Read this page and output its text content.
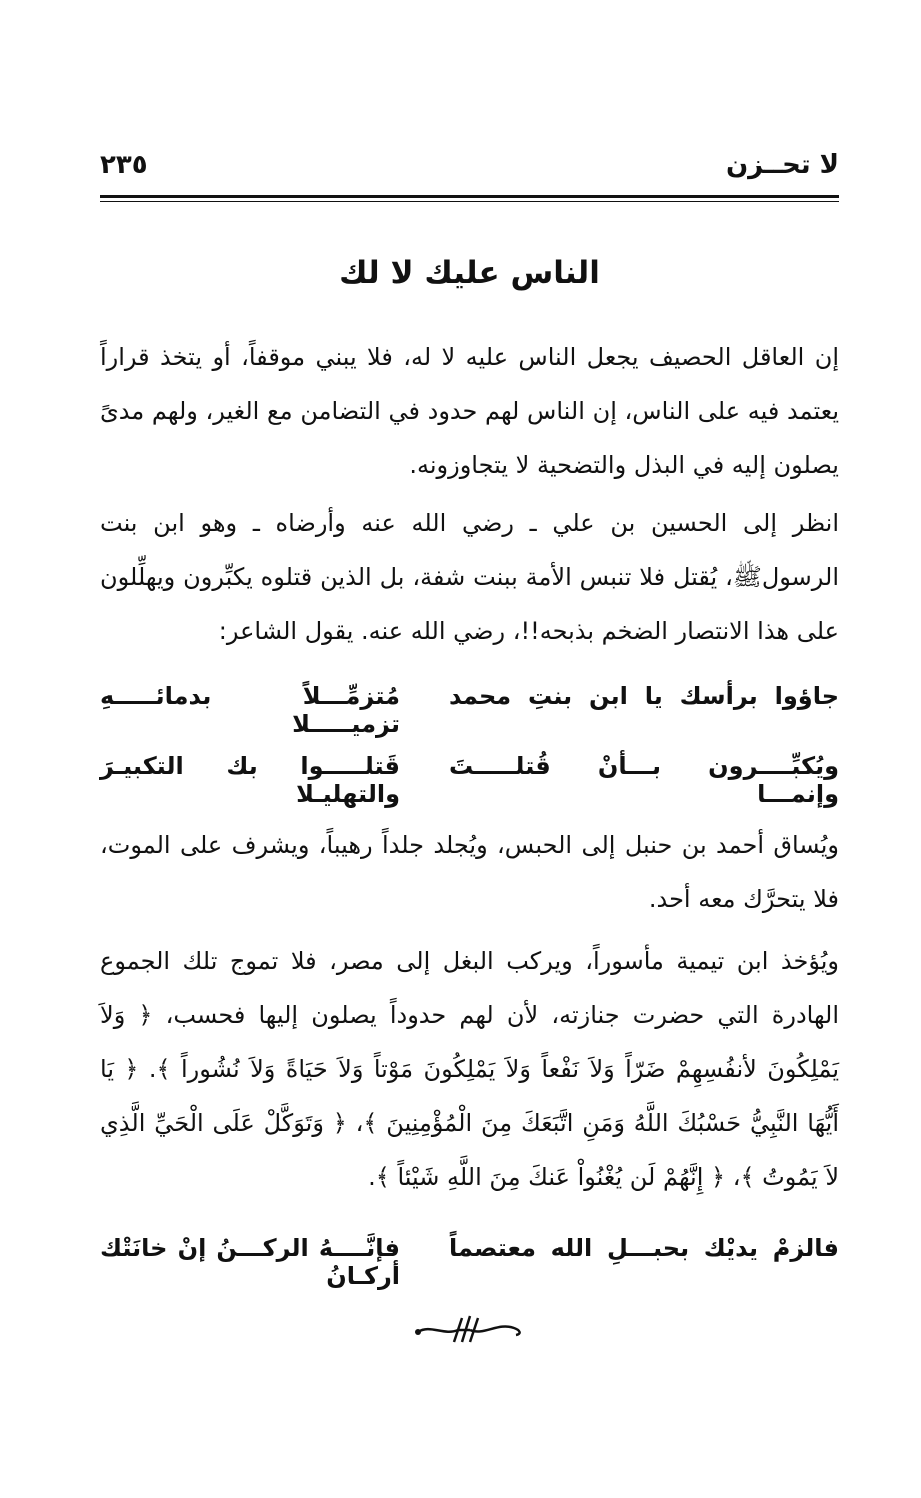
لا تحــزن
٢٣٥
الناس عليك لا لك

إن العاقل الحصيف يجعل الناس عليه لا له، فلا يبني موقفاً، أو يتخذ قراراً يعتمد فيه على الناس، إن الناس لهم حدود في التضامن مع الغير، ولهم مدىً يصلون إليه في البذل والتضحية لا يتجاوزونه.

انظر إلى الحسين بن علي ـ رضي الله عنه وأرضاه ـ وهو ابن بنت الرسولﷺ، يُقتل فلا تنبس الأمة ببنت شفة، بل الذين قتلوه يكبِّرون ويهلِّلون على هذا الانتصار الضخم بذبحه!!، رضي الله عنه. يقول الشاعر:

جاؤوا برأسك يا ابن بنتِ محمد
مُتزمِّـــلاً بدمائـــــهِ تزميـــــلا
ويُكبِّــــرون بـــأنْ قُتلـــــتَ وإنمـــا
قَتلـــــوا بك التكبيـرَ والتهليـلا

ويُساق أحمد بن حنبل إلى الحبس، ويُجلد جلداً رهيباً، ويشرف على الموت، فلا يتحرَّك معه أحد.

ويُؤخذ ابن تيمية مأسوراً، ويركب البغل إلى مصر، فلا تموج تلك الجموع الهادرة التي حضرت جنازته، لأن لهم حدوداً يصلون إليها فحسب، ﴿ وَلاَ يَمْلِكُونَ لأنفُسِهِمْ ضَرّاً وَلاَ نَفْعاً وَلاَ يَمْلِكُونَ مَوْتاً وَلاَ حَيَاةً وَلاَ نُشُوراً ﴾. ﴿ يَا أَيُّهَا النَّبِيُّ حَسْبُكَ اللَّهُ وَمَنِ اتَّبَعَكَ مِنَ الْمُؤْمِنِينَ ﴾، ﴿ وَتَوَكَّلْ عَلَى الْحَيِّ الَّذِي لاَ يَمُوتُ ﴾، ﴿ إِنَّهُمْ لَن يُغْنُواْ عَنكَ مِنَ اللَّهِ شَيْئاً ﴾.

فالزمْ يديْك بحبـــلِ الله معتصماً
فإنَّــــهُ الركـــنُ إنْ خانَتْك أركـانُ
